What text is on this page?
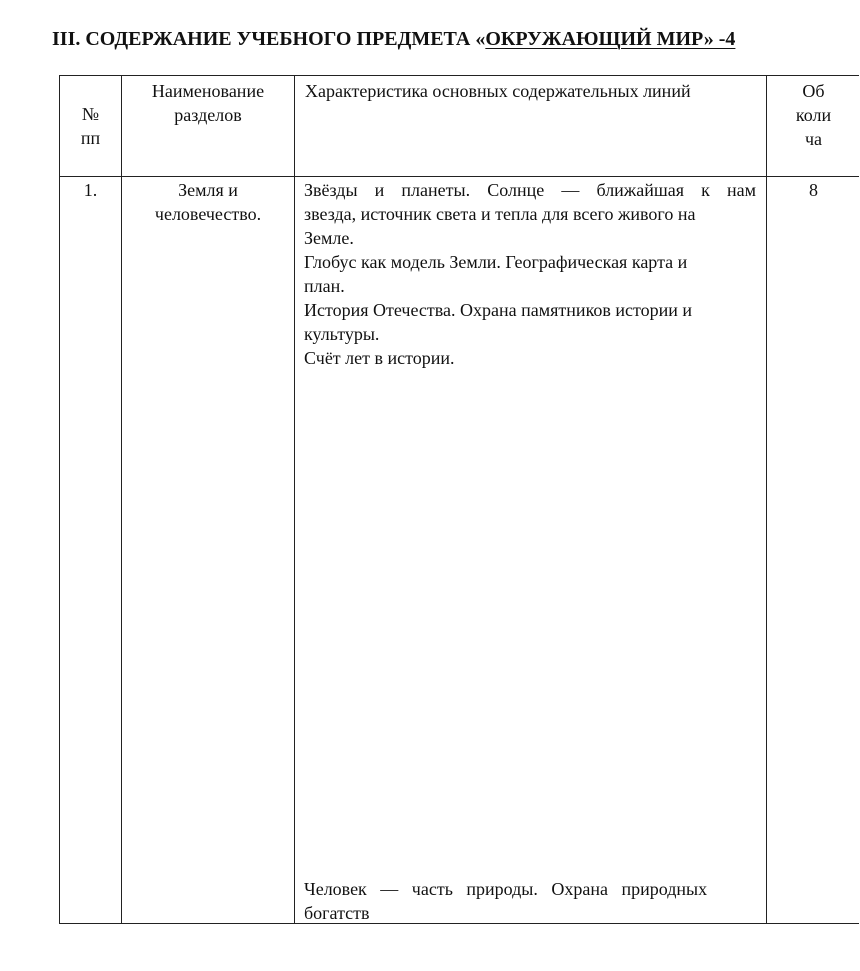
III. СОДЕРЖАНИЕ УЧЕБНОГО ПРЕДМЕТА «ОКРУЖАЮЩИЙ МИР» -4
№
пп
Наименование
разделов
Характеристика основных содержательных линий	Об
коли
ча
1.	Земля и
человечество.
Звёзды и планеты. Солнце — ближайшая к нам
звезда, источник света и тепла для всего живого на
Земле.
Глобус как модель Земли. Географическая карта и
план.
История Отечества. Охрана памятников истории и
культуры.
Счёт лет в истории.
Человек — часть природы. Охрана природных
богатств
8
